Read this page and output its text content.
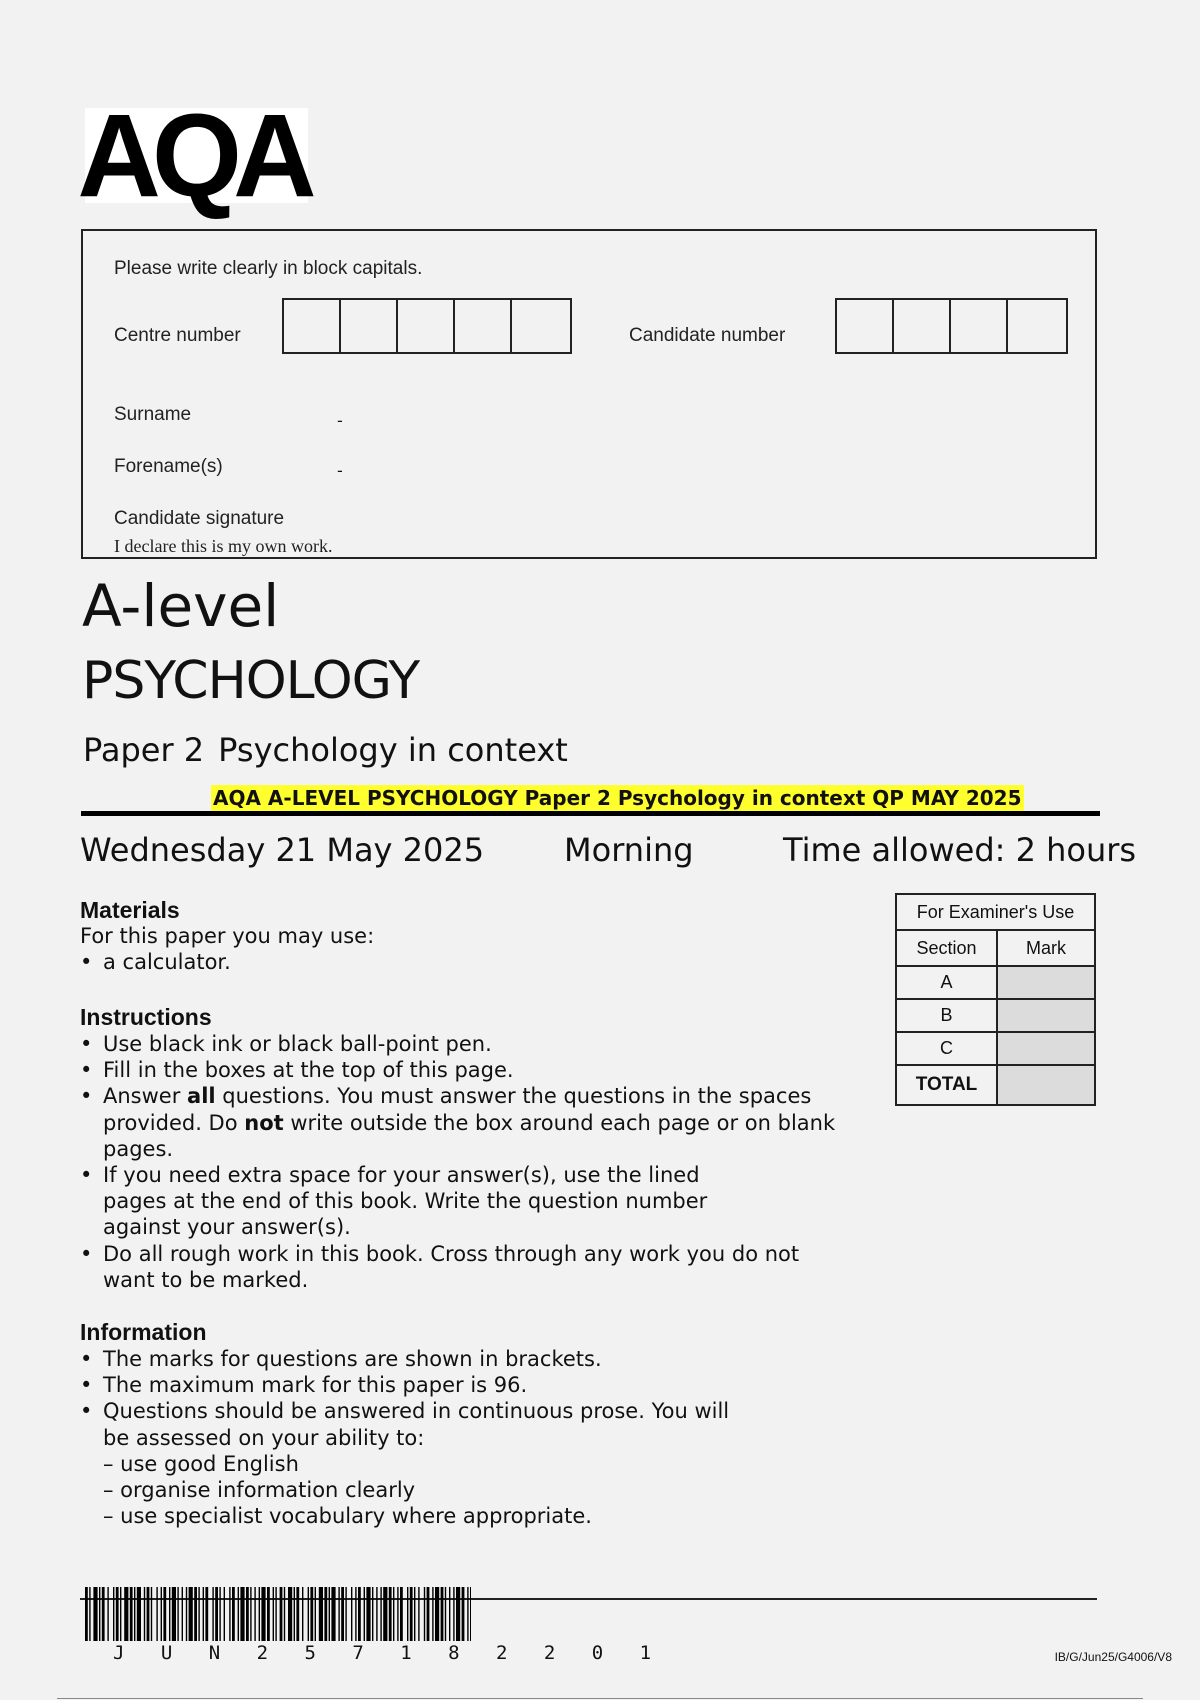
AQA
Please write clearly in block capitals.
Centre number	Candidate number
Surname	-
Forename(s)	-
Candidate signature
I declare this is my own work.
A-level
PSYCHOLOGY
Paper 2 Psychology in context
AQA A-LEVEL PSYCHOLOGY Paper 2 Psychology in context QP MAY 2025
Wednesday 21 May 2025 Morning	Time allowed: 2 hours
Materials
For this paper you may use:
• a calculator.
Instructions
• Use black ink or black ball-point pen.
• Fill in the boxes at the top of this page.
• Answer all questions. You must answer the questions in the spaces provided. Do not write outside the box around each page or on blank pages.
• If you need extra space for your answer(s), use the lined pages at the end of this book. Write the question number against your answer(s).
• Do all rough work in this book. Cross through any work you do not want to be marked.
Information
• The marks for questions are shown in brackets.
• The maximum mark for this paper is 96.
• Questions should be answered in continuous prose. You will be assessed on your ability to:
– use good English
– organise information clearly
– use specialist vocabulary where appropriate.
For Examiner's Use	
Section	Mark
A	
B	
C	
TOTAL	
J U N 2 5 7 1 8 2 2 0 1	IB/G/Jun25/G4006/V8
